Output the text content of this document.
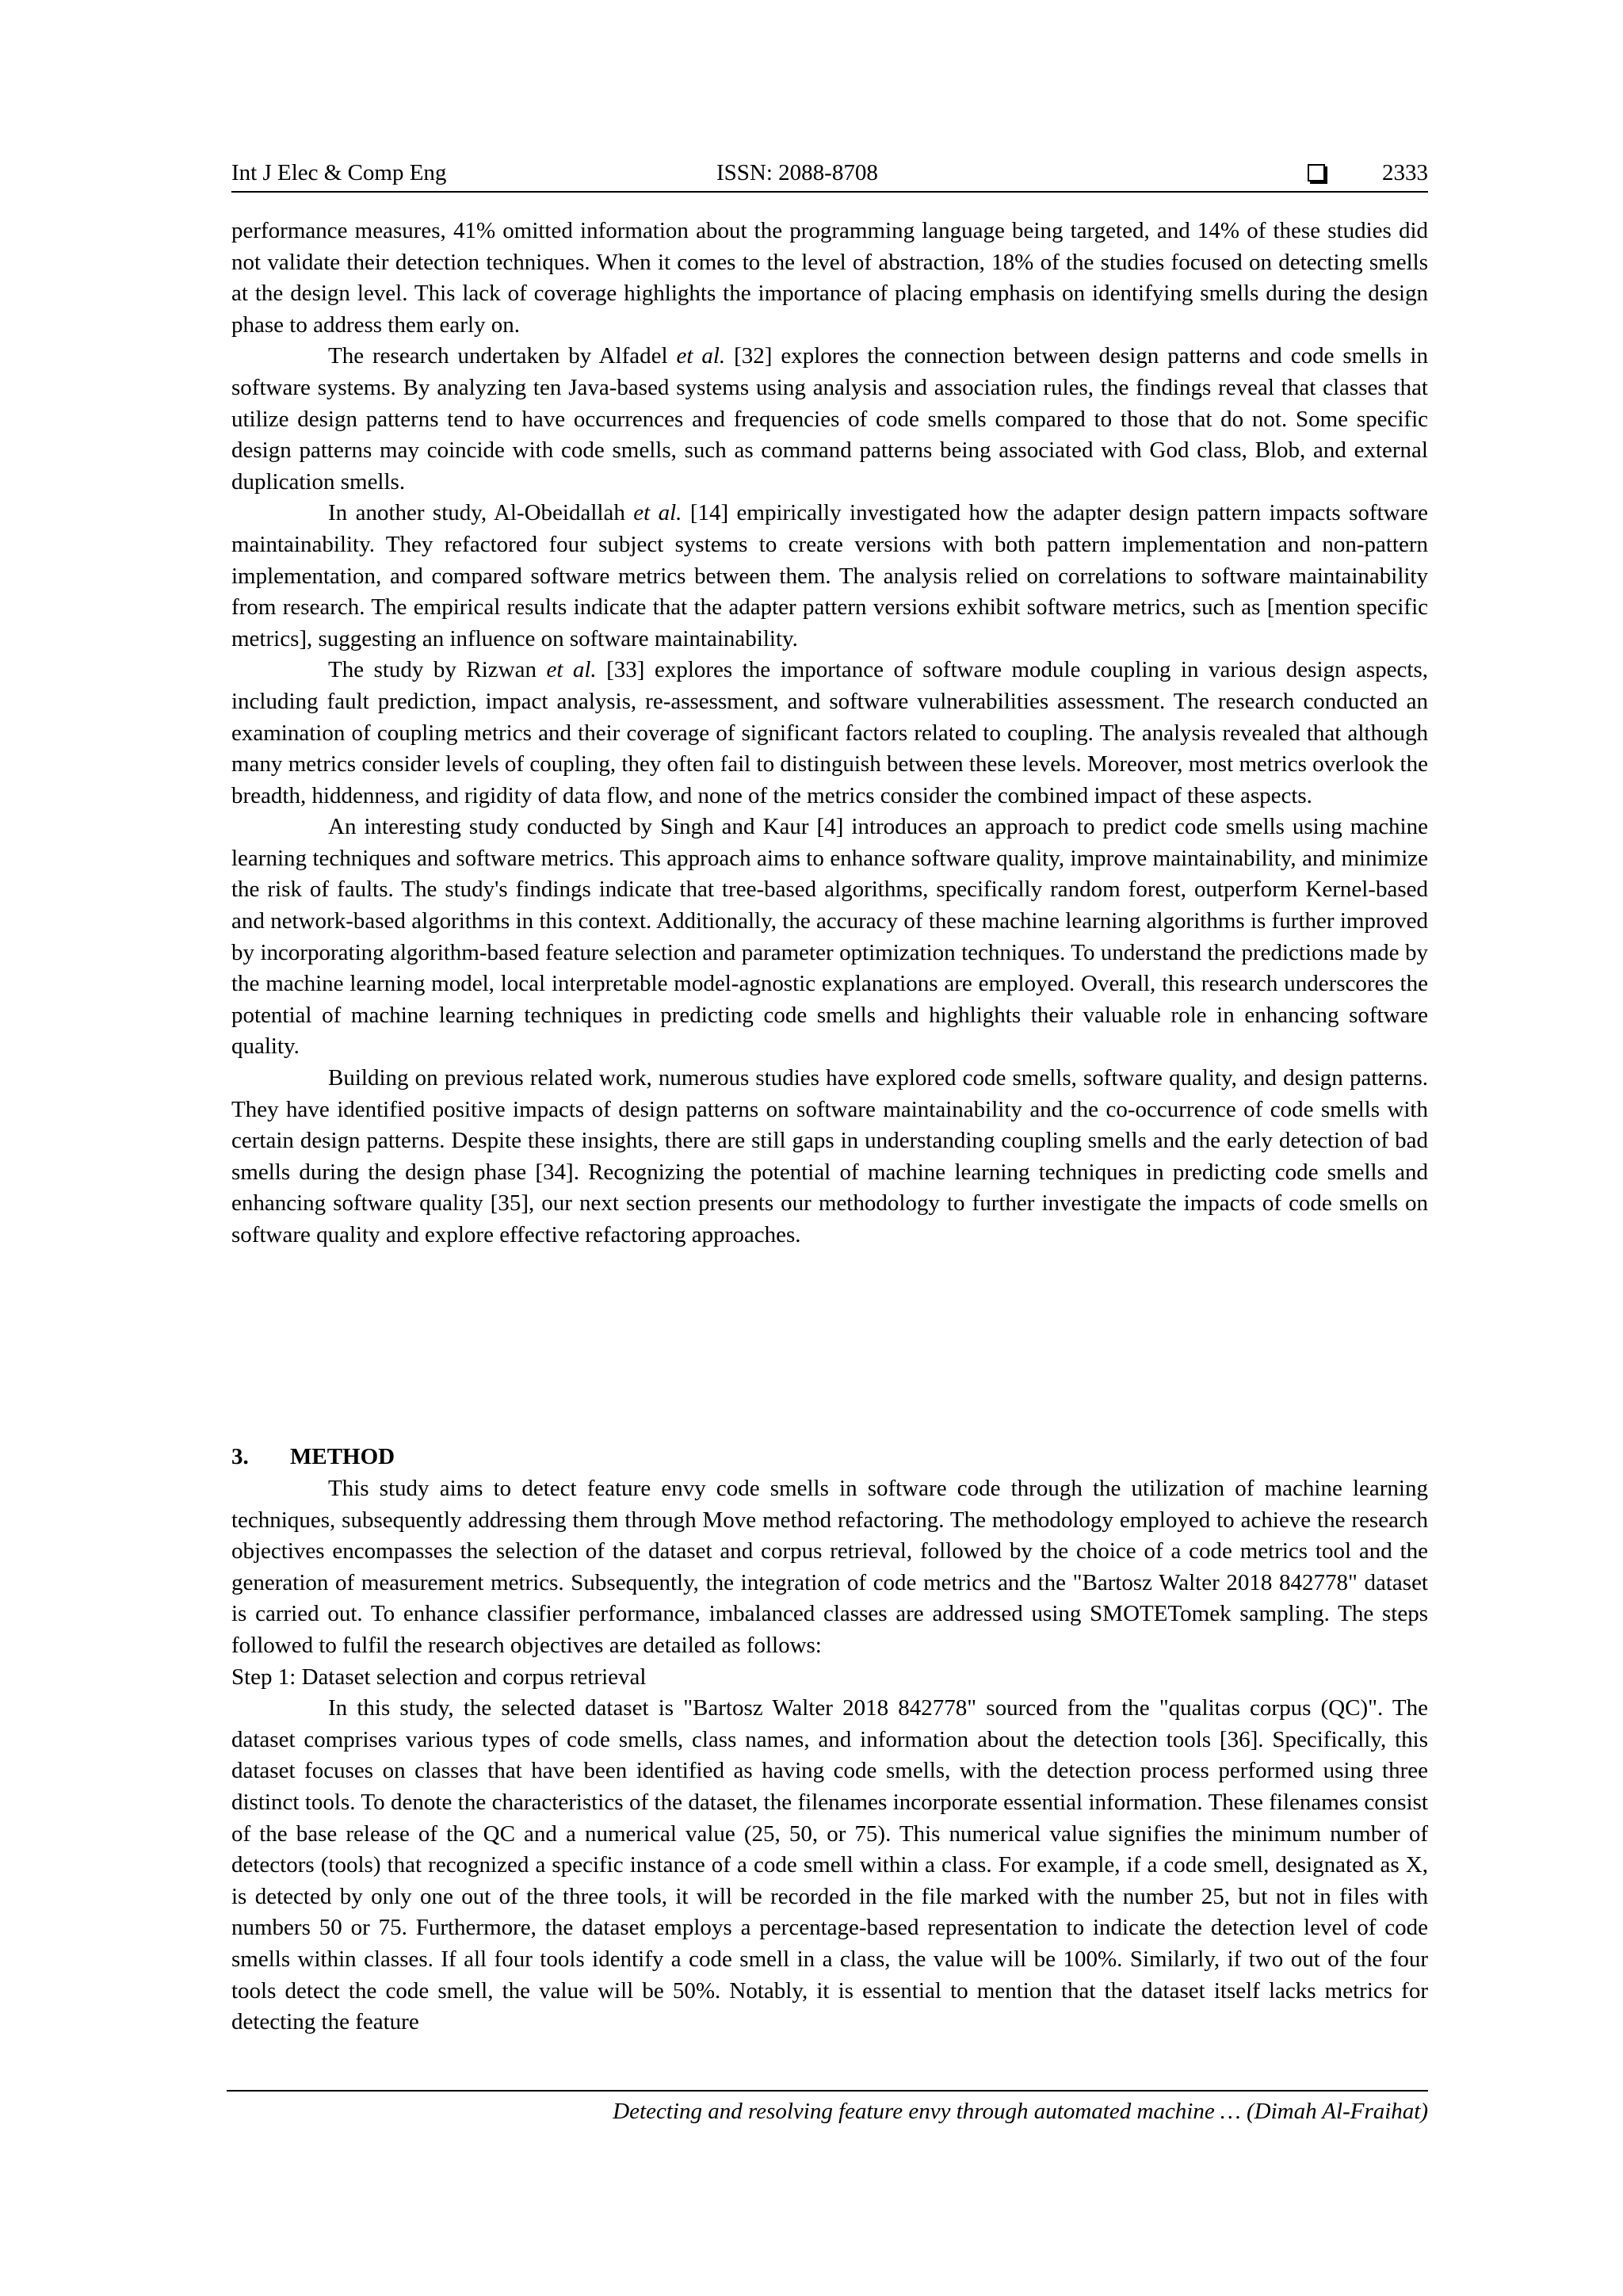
Int J Elec & Comp Eng	ISSN: 2088-8708	2333

performance measures, 41% omitted information about the programming language being targeted, and 14% of these studies did not validate their detection techniques. When it comes to the level of abstraction, 18% of the studies focused on detecting smells at the design level. This lack of coverage highlights the importance of placing emphasis on identifying smells during the design phase to address them early on.

The research undertaken by Alfadel et al. [32] explores the connection between design patterns and code smells in software systems. By analyzing ten Java-based systems using analysis and association rules, the findings reveal that classes that utilize design patterns tend to have occurrences and frequencies of code smells compared to those that do not. Some specific design patterns may coincide with code smells, such as command patterns being associated with God class, Blob, and external duplication smells.

In another study, Al-Obeidallah et al. [14] empirically investigated how the adapter design pattern impacts software maintainability. They refactored four subject systems to create versions with both pattern implementation and non-pattern implementation, and compared software metrics between them. The analysis relied on correlations to software maintainability from research. The empirical results indicate that the adapter pattern versions exhibit software metrics, such as [mention specific metrics], suggesting an influence on software maintainability.

The study by Rizwan et al. [33] explores the importance of software module coupling in various design aspects, including fault prediction, impact analysis, re-assessment, and software vulnerabilities assessment. The research conducted an examination of coupling metrics and their coverage of significant factors related to coupling. The analysis revealed that although many metrics consider levels of coupling, they often fail to distinguish between these levels. Moreover, most metrics overlook the breadth, hiddenness, and rigidity of data flow, and none of the metrics consider the combined impact of these aspects.

An interesting study conducted by Singh and Kaur [4] introduces an approach to predict code smells using machine learning techniques and software metrics. This approach aims to enhance software quality, improve maintainability, and minimize the risk of faults. The study's findings indicate that tree-based algorithms, specifically random forest, outperform Kernel-based and network-based algorithms in this context. Additionally, the accuracy of these machine learning algorithms is further improved by incorporating algorithm-based feature selection and parameter optimization techniques. To understand the predictions made by the machine learning model, local interpretable model-agnostic explanations are employed. Overall, this research underscores the potential of machine learning techniques in predicting code smells and highlights their valuable role in enhancing software quality.

Building on previous related work, numerous studies have explored code smells, software quality, and design patterns. They have identified positive impacts of design patterns on software maintainability and the co-occurrence of code smells with certain design patterns. Despite these insights, there are still gaps in understanding coupling smells and the early detection of bad smells during the design phase [34]. Recognizing the potential of machine learning techniques in predicting code smells and enhancing software quality [35], our next section presents our methodology to further investigate the impacts of code smells on software quality and explore effective refactoring approaches.

3. METHOD

This study aims to detect feature envy code smells in software code through the utilization of machine learning techniques, subsequently addressing them through Move method refactoring. The methodology employed to achieve the research objectives encompasses the selection of the dataset and corpus retrieval, followed by the choice of a code metrics tool and the generation of measurement metrics. Subsequently, the integration of code metrics and the "Bartosz Walter 2018 842778" dataset is carried out. To enhance classifier performance, imbalanced classes are addressed using SMOTETomek sampling. The steps followed to fulfil the research objectives are detailed as follows:

Step 1: Dataset selection and corpus retrieval

In this study, the selected dataset is "Bartosz Walter 2018 842778" sourced from the "qualitas corpus (QC)". The dataset comprises various types of code smells, class names, and information about the detection tools [36]. Specifically, this dataset focuses on classes that have been identified as having code smells, with the detection process performed using three distinct tools. To denote the characteristics of the dataset, the filenames incorporate essential information. These filenames consist of the base release of the QC and a numerical value (25, 50, or 75). This numerical value signifies the minimum number of detectors (tools) that recognized a specific instance of a code smell within a class. For example, if a code smell, designated as X, is detected by only one out of the three tools, it will be recorded in the file marked with the number 25, but not in files with numbers 50 or 75. Furthermore, the dataset employs a percentage-based representation to indicate the detection level of code smells within classes. If all four tools identify a code smell in a class, the value will be 100%. Similarly, if two out of the four tools detect the code smell, the value will be 50%. Notably, it is essential to mention that the dataset itself lacks metrics for detecting the feature

Detecting and resolving feature envy through automated machine … (Dimah Al-Fraihat)
